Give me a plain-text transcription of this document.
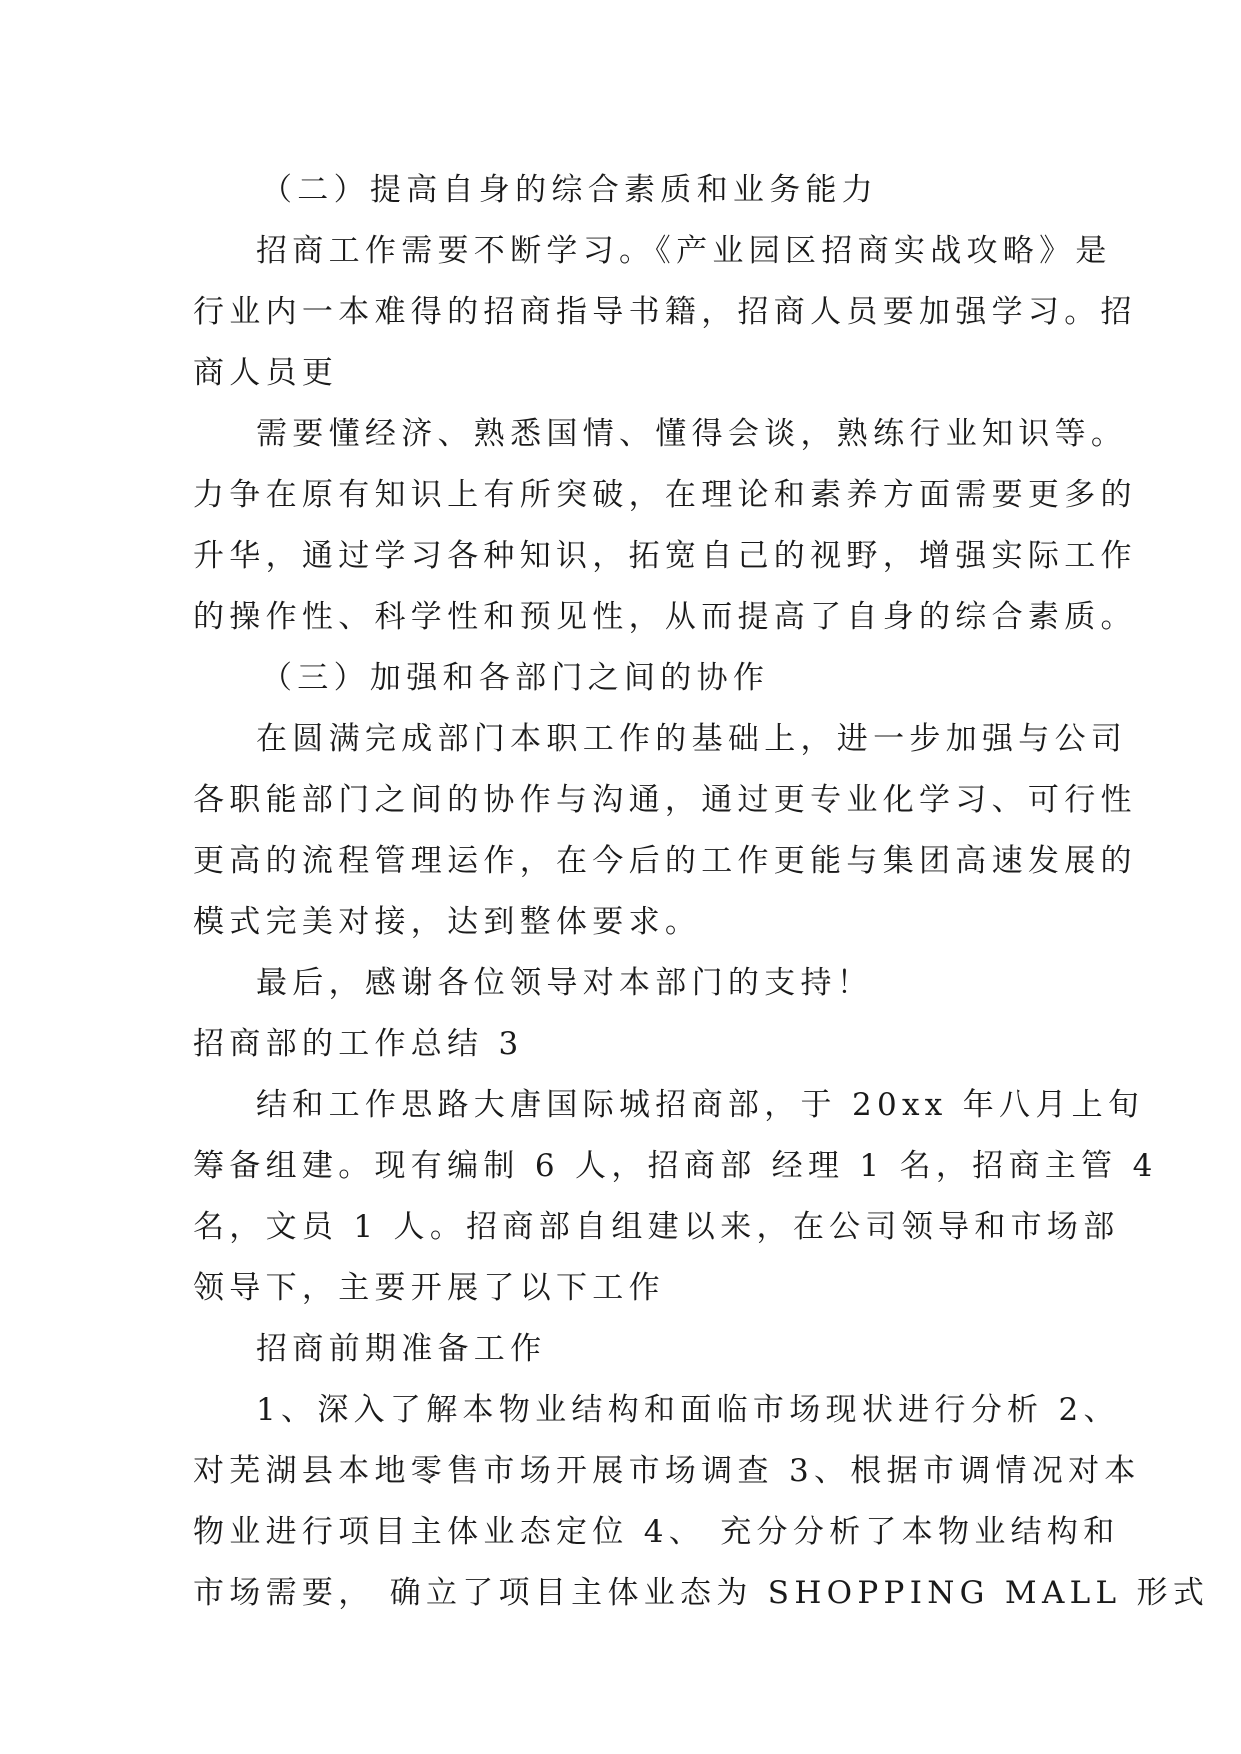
（二）提高自身的综合素质和业务能力
招商工作需要不断学习。《产业园区招商实战攻略》是
行业内一本难得的招商指导书籍，招商人员要加强学习。招
商人员更
需要懂经济、熟悉国情、懂得会谈，熟练行业知识等。
力争在原有知识上有所突破，在理论和素养方面需要更多的
升华，通过学习各种知识，拓宽自己的视野，增强实际工作
的操作性、科学性和预见性，从而提高了自身的综合素质。
（三）加强和各部门之间的协作
在圆满完成部门本职工作的基础上，进一步加强与公司
各职能部门之间的协作与沟通，通过更专业化学习、可行性
更高的流程管理运作，在今后的工作更能与集团高速发展的
模式完美对接，达到整体要求。
最后，感谢各位领导对本部门的支持！
招商部的工作总结 3
结和工作思路大唐国际城招商部，于 20xx 年八月上旬
筹备组建。现有编制 6 人，招商部 经理 1 名，招商主管 4
名，文员 1 人。招商部自组建以来，在公司领导和市场部
领导下，主要开展了以下工作
招商前期准备工作
1、深入了解本物业结构和面临市场现状进行分析 2、
对芜湖县本地零售市场开展市场调查 3、根据市调情况对本
物业进行项目主体业态定位 4、 充分分析了本物业结构和
市场需要， 确立了项目主体业态为 SHOPPING MALL 形式
